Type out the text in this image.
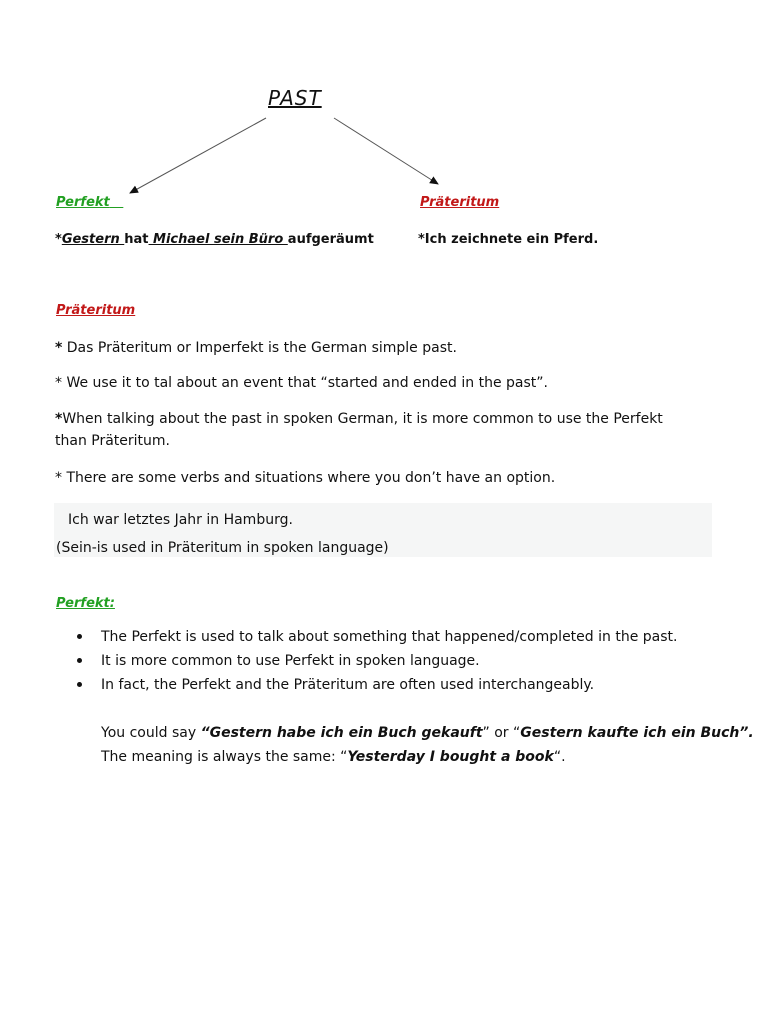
PAST
Perfekt	Präteritum
*Gestern hat Michael sein Büro aufgeräumt	*Ich zeichnete ein Pferd.
Präteritum
* Das Präteritum or Imperfekt is the German simple past.
* We use it to tal about an event that “started and ended in the past”.
*When talking about the past in spoken German, it is more common to use the Perfekt
than Präteritum.
* There are some verbs and situations where you don’t have an option.
Ich war letztes Jahr in Hamburg.
(Sein-is used in Präteritum in spoken language)
Perfekt:
The Perfekt is used to talk about something that happened/completed in the past.
It is more common to use Perfekt in spoken language.
In fact, the Perfekt and the Präteritum are often used interchangeably.
You could say “Gestern habe ich ein Buch gekauft” or “Gestern kaufte ich ein Buch”.
The meaning is always the same: “Yesterday I bought a book“.
